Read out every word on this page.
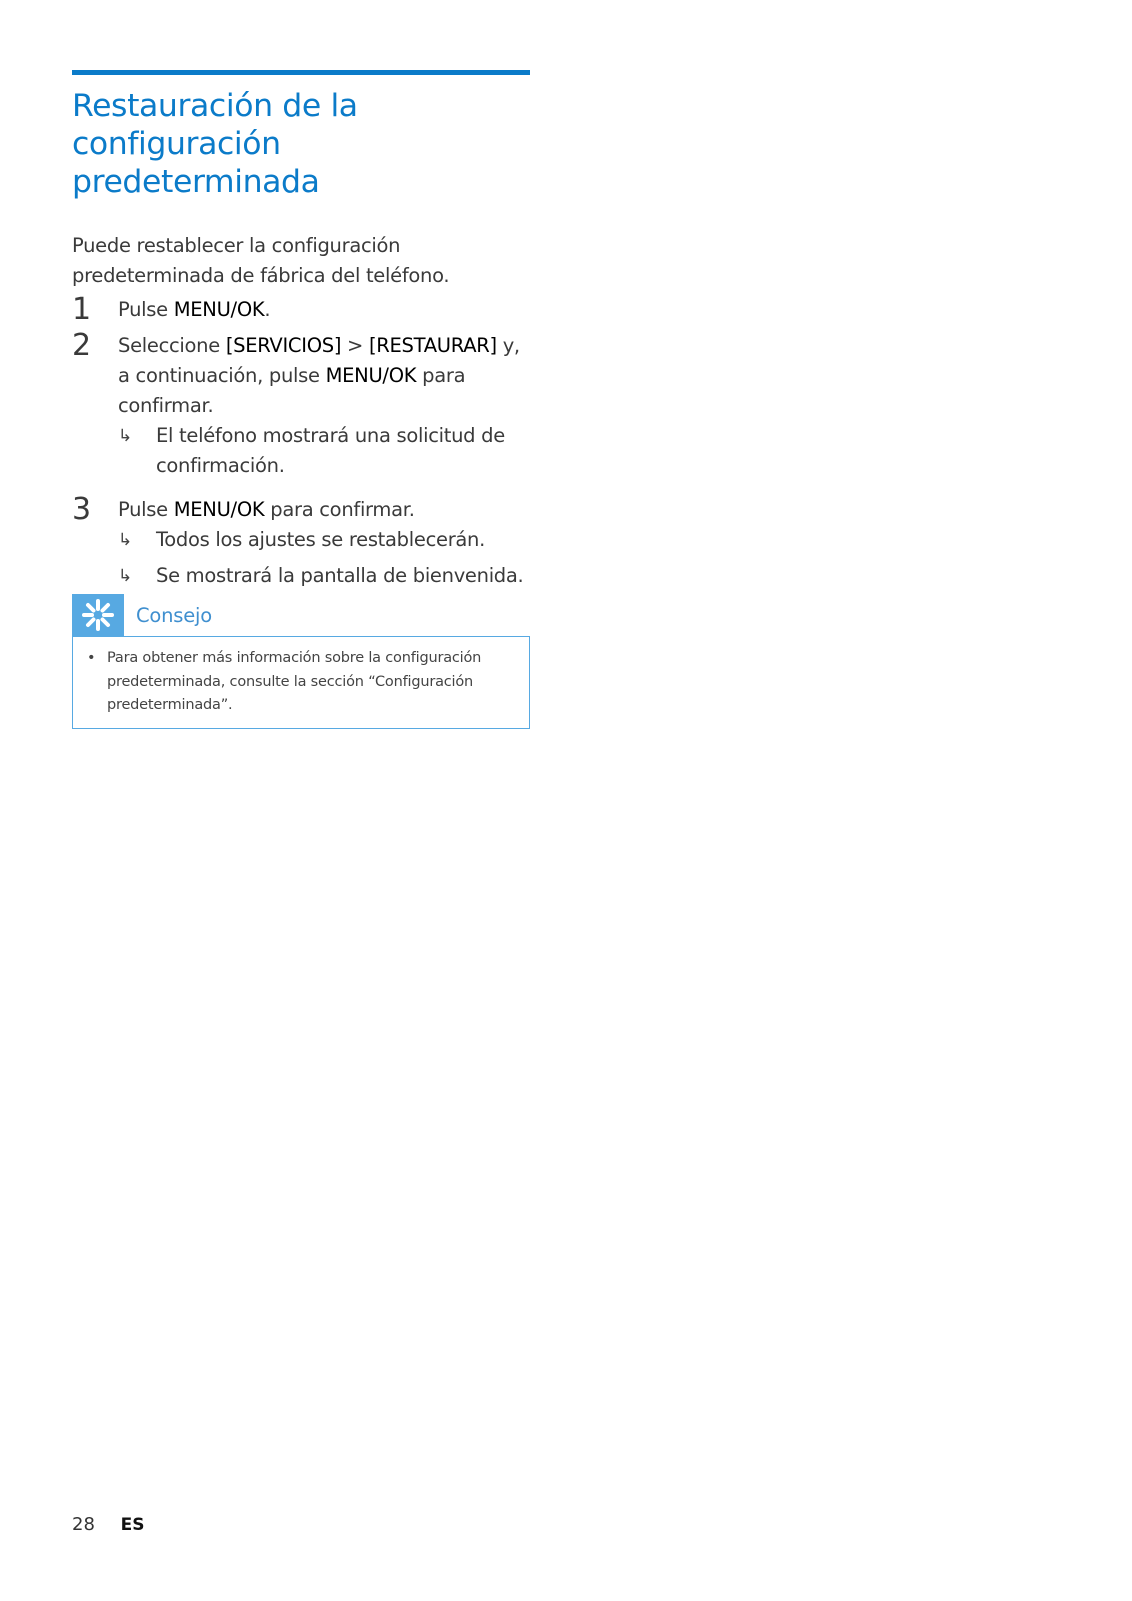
Restauración de la
configuración predeterminada
Puede restablecer la configuración predeterminada de fábrica del teléfono.
1 Pulse MENU/OK.
2 Seleccione [SERVICIOS] > [RESTAURAR] y, a continuación, pulse MENU/OK para confirmar.
↳ El teléfono mostrará una solicitud de confirmación.
3 Pulse MENU/OK para confirmar.
↳ Todos los ajustes se restablecerán.
↳ Se mostrará la pantalla de bienvenida.
Consejo
• Para obtener más información sobre la configuración predeterminada, consulte la sección “Configuración predeterminada”.
28 ES
